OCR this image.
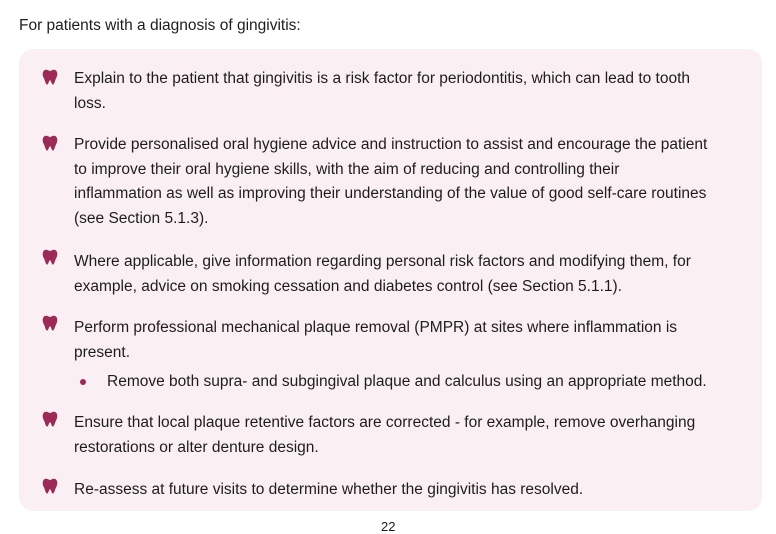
For patients with a diagnosis of gingivitis:

Explain to the patient that gingivitis is a risk factor for periodontitis, which can lead to tooth
loss.

Provide personalised oral hygiene advice and instruction to assist and encourage the patient
to improve their oral hygiene skills, with the aim of reducing and controlling their
inflammation as well as improving their understanding of the value of good self-care routines
(see Section 5.1.3).

Where applicable, give information regarding personal risk factors and modifying them, for
example, advice on smoking cessation and diabetes control (see Section 5.1.1).

Perform professional mechanical plaque removal (PMPR) at sites where inflammation is
present.

Remove both supra- and subgingival plaque and calculus using an appropriate method.

Ensure that local plaque retentive factors are corrected - for example, remove overhanging
restorations or alter denture design.

Re-assess at future visits to determine whether the gingivitis has resolved.

22
